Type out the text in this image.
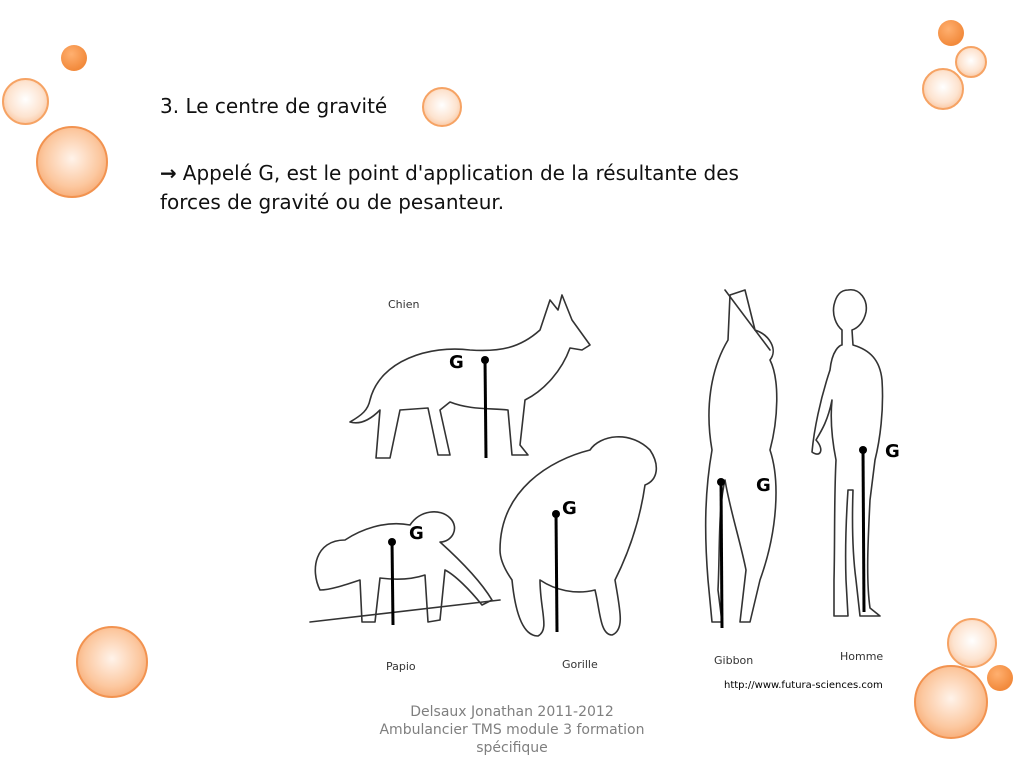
3. Le centre de gravité

→ Appelé G, est le point d'application de la résultante des forces de gravité ou de pesanteur.

Chien
Papio	Gorille	Gibbon	Homme
G
G
G
G
G
http://www.futura-sciences.com
Delsaux Jonathan 2011-2012
Ambulancier TMS module 3 formation
spécifique
